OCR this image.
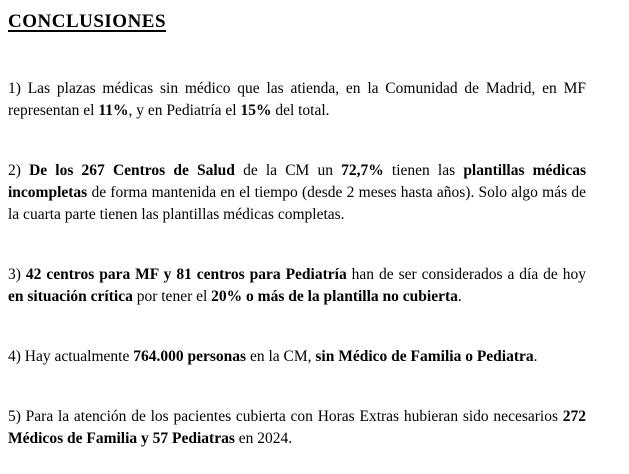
CONCLUSIONES

1) Las plazas médicas sin médico que las atienda, en la Comunidad de Madrid, en MF representan el 11%, y en Pediatría el 15% del total.

2) De los 267 Centros de Salud de la CM un 72,7% tienen las plantillas médicas incompletas de forma mantenida en el tiempo (desde 2 meses hasta años). Solo algo más de la cuarta parte tienen las plantillas médicas completas.

3) 42 centros para MF y 81 centros para Pediatría han de ser considerados a día de hoy en situación crítica por tener el 20% o más de la plantilla no cubierta.

4) Hay actualmente 764.000 personas en la CM, sin Médico de Familia o Pediatra.

5) Para la atención de los pacientes cubierta con Horas Extras hubieran sido necesarios 272 Médicos de Familia y 57 Pediatras en 2024.
